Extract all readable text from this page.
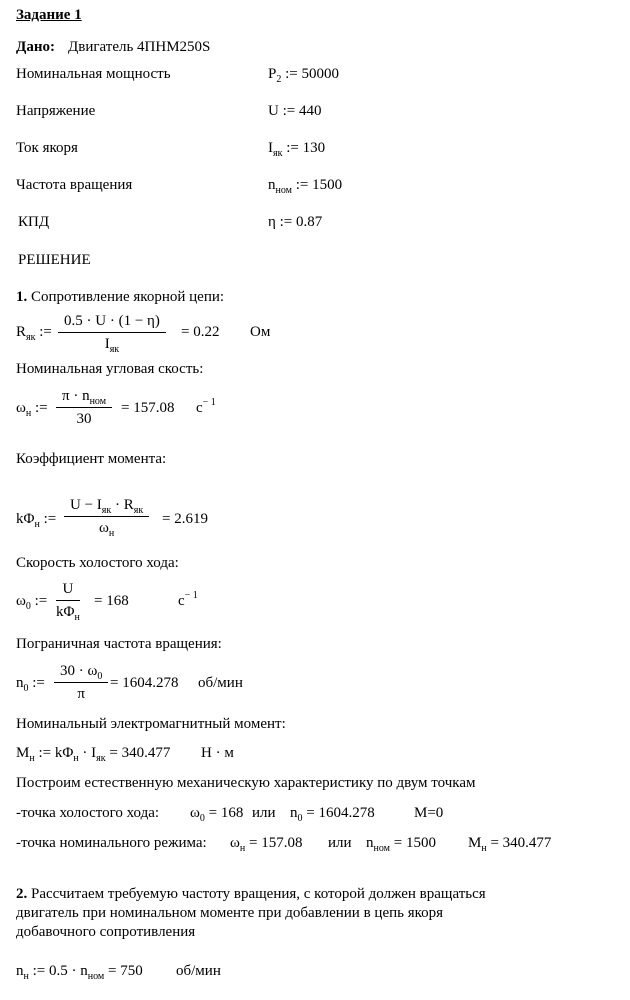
Задание 1
Дано: Двигатель 4ПНМ250S
Номинальная мощность	$P_2$ := 50000
Напряжение	U := 440
Ток якоря	$I_{як}$ := 130
Частота вращения	$n_{ном}$ := 1500
КПД	η := 0.87
РЕШЕНИЕ
1. Сопротивление якорной цепи:
$R_{як}$ :=
0.5 · U · (1 − η)
$I_{як}$
= 0.22 Ом
Номинальная угловая скость:
$\omega_н$ :=
$\pi \cdot n_{ном}$
30
= 157.08 $c^{- 1}$
Коэффициент момента:
$k\Phi_н$ :=
$U - I_{як} \cdot R_{як}$
$\omega_н$
= 2.619
Скорость холостого хода:
$\omega_0$ :=
U
$k\Phi_н$
= 168	$c^{- 1}$
Пограничная частота вращения:
$n_0$ :=
$30 \cdot \omega_0$
π
= 1604.278 об/мин
Номинальный электромагнитный момент:
$M_н$ := $k\Phi_н \cdot I_{як} = 340.477$ Н · м
Построим естественную механическую характеристику по двум точкам
-точка холостого хода: $\omega_0 = 168$ или $n_0 = 1604.278$	M=0
-точка номинального режима: $\omega_н = 157.08$ или $n_{ном} = 1500$ $M_н = 340.477$
2. Рассчитаем требуемую частоту вращения, с которой должен вращаться
двигатель при номинальном моменте при добавлении в цепь якоря
добавочного сопротивления
$n_н$ := $0.5 \cdot n_{ном} = 750$ об/мин
